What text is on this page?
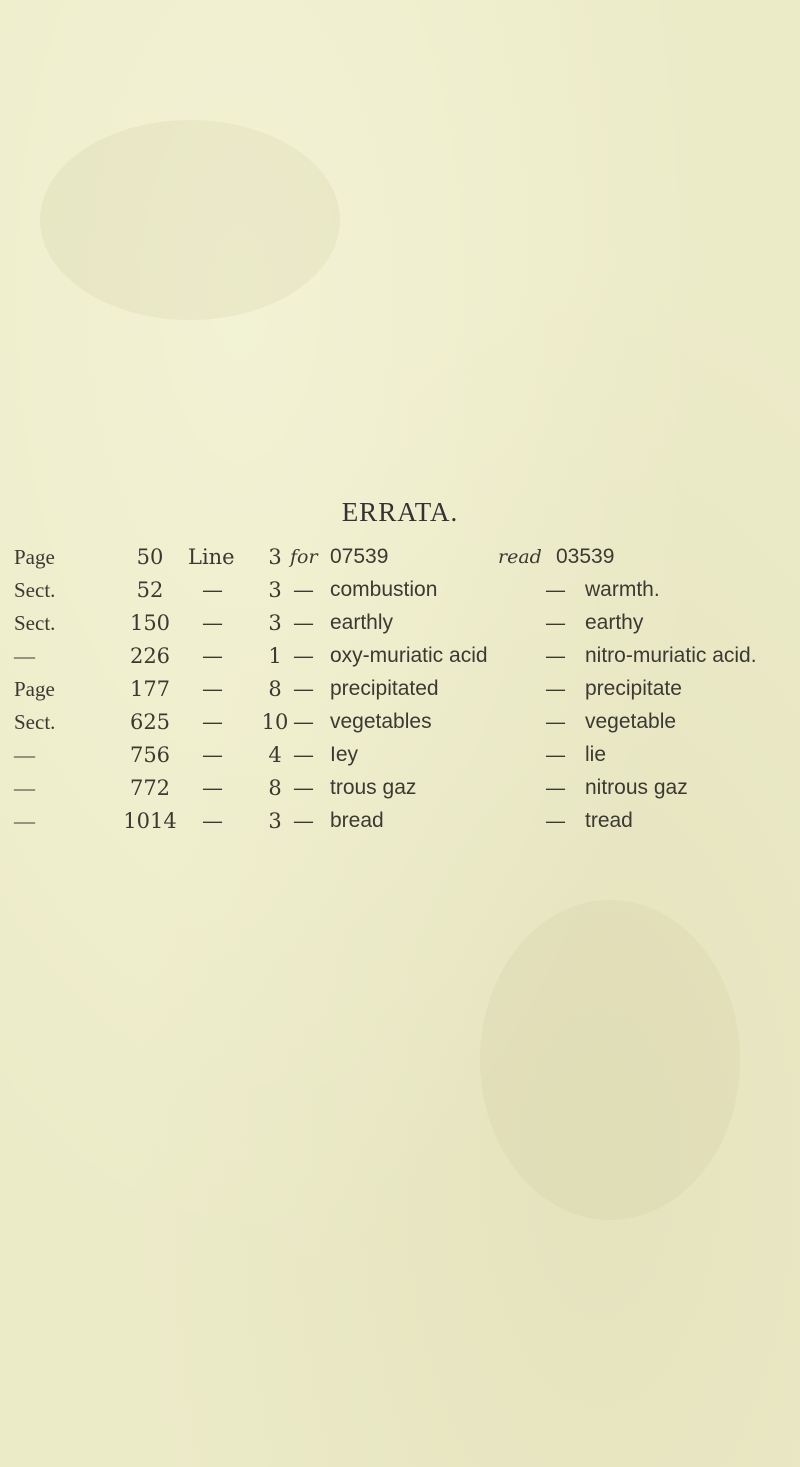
ERRATA.
Page	50	Line	3 for 07539	read 03539
Sect.	52	—	3 — combustion	— warmth.
Sect.	150	—	3 — earthly	— earthy
—	226	—	1 — oxy-muriatic acid	— nitro-muriatic acid.
Page	177	—	8 — precipitated	— precipitate
Sect.	625	—	10 — vegetables	— vegetable
—	756	—	4 — Iey	— lie
—	772	—	8 — trous gaz	— nitrous gaz
—	1014 —	3 — bread	— tread
